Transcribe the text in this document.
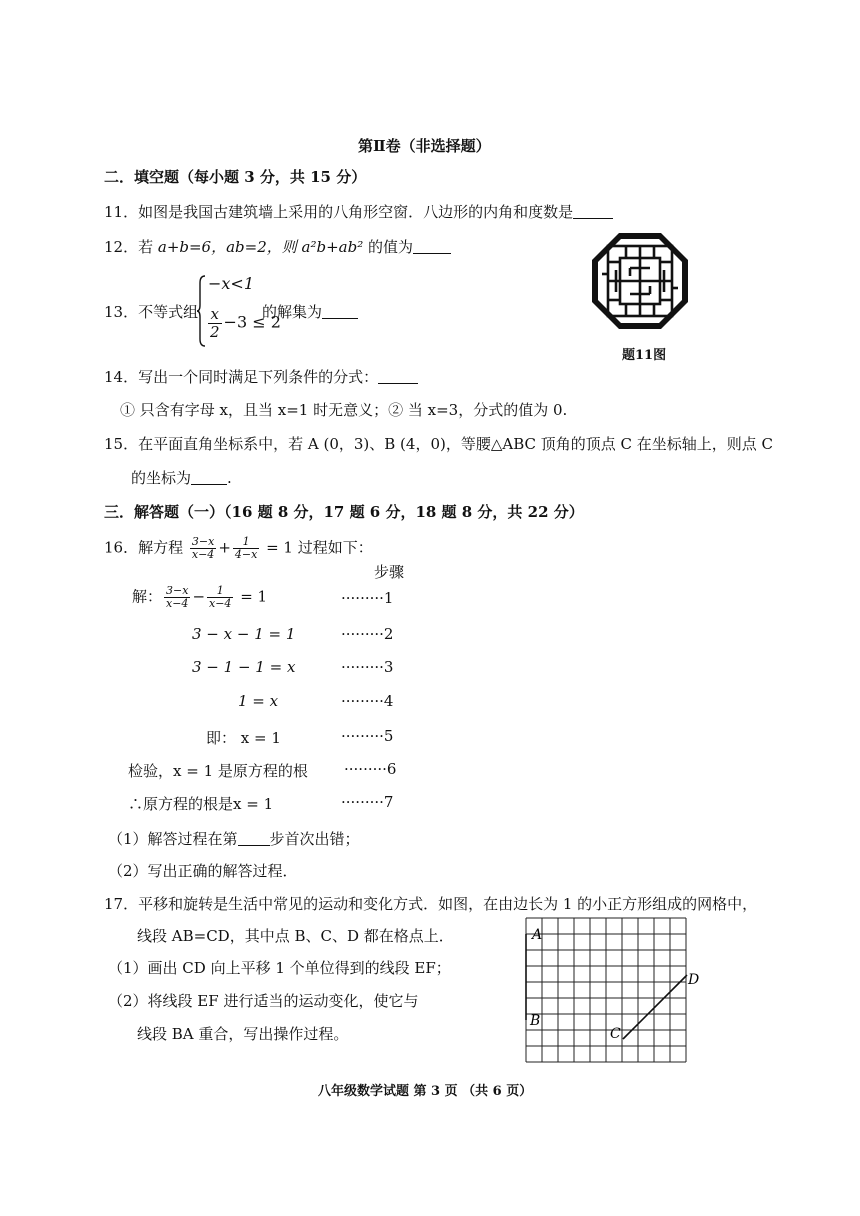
第Ⅱ卷（非选择题）
二．填空题（每小题 3 分，共 15 分）
11．如图是我国古建筑墙上采用的八角形空窗．八边形的内角和度数是
12．若 a+b=6，ab=2，则 a²b+ab² 的值为
13．不等式组
−x<1
$\frac{x}{2} -3 \le 2$
的解集为
题11图
14．写出一个同时满足下列条件的分式：
① 只含有字母 x，且当 x=1 时无意义；② 当 x=3，分式的值为 0.
15．在平面直角坐标系中，若 A (0，3)、B (4，0)，等腰△ABC 顶角的顶点 C 在坐标轴上，则点 C
的坐标为 .
三．解答题（一）（16 题 8 分，17 题 6 分，18 题 8 分，共 22 分）
16．解方程 $\frac{3-x}{x-4} + \frac{1}{4-x} = 1$ 过程如下：
步骤
解： $\frac{3-x}{x-4} - \frac{1}{x-4} = 1$	·········1
3 − x − 1 = 1	·········2
3 − 1 − 1 = x	·········3
1 = x	·········4
即： x = 1	·········5
检验，x = 1 是原方程的根 ·········6
∴原方程的根是x = 1	·········7
（1）解答过程在第 步首次出错；
（2）写出正确的解答过程．
17．平移和旋转是生活中常见的运动和变化方式．如图，在由边长为 1 的小正方形组成的网格中，
线段 AB=CD，其中点 B、C、D 都在格点上．
（1）画出 CD 向上平移 1 个单位得到的线段 EF；
（2）将线段 EF 进行适当的运动变化，使它与
线段 BA 重合，写出操作过程。
A
B
C
D
八年级数学试题 第 3 页 （共 6 页）
